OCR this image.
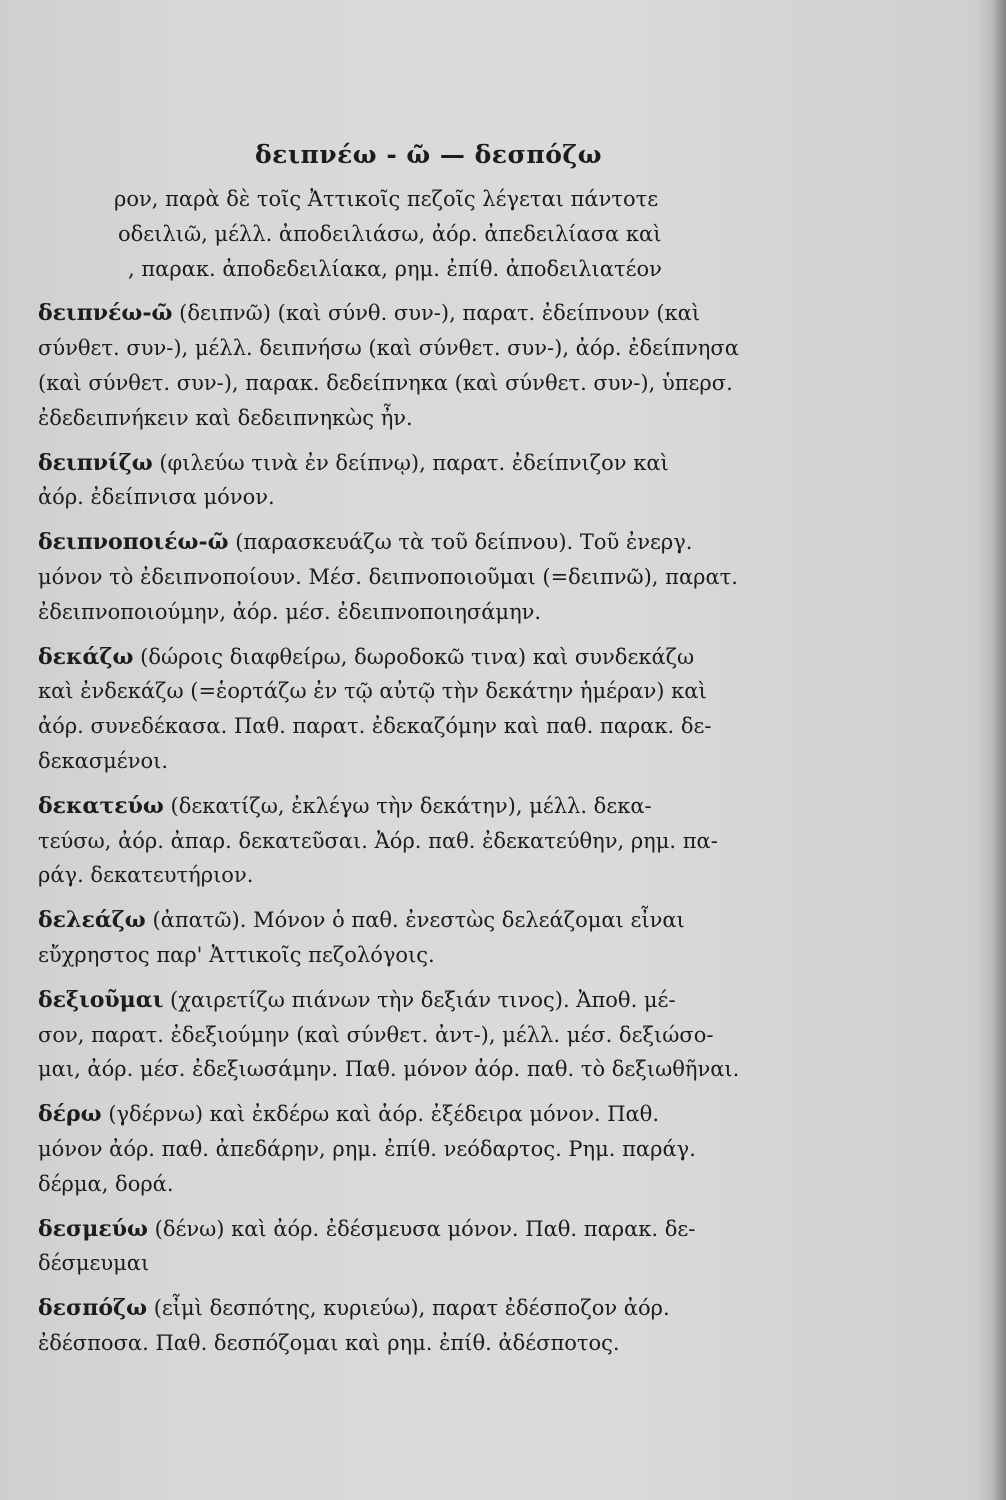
δειπνέω - ῶ — δεσπόζω
ρον, παρὰ δὲ τοῖς Ἀττικοῖς πεζοῖς λέγεται πάντοτε
οδειλιῶ, μέλλ. ἀποδειλιάσω, ἀόρ. ἀπεδειλίασα καὶ
, παρακ. ἀποδεδειλίακα, ρημ. ἐπίθ. ἀποδειλιατέον
δειπνέω-ῶ (δειπνῶ) (καὶ σύνθ. συν-), παρατ. ἐδείπνουν (καὶ
σύνθετ. συν-), μέλλ. δειπνήσω (καὶ σύνθετ. συν-), ἀόρ. ἐδείπνησα
(καὶ σύνθετ. συν-), παρακ. δεδείπνηκα (καὶ σύνθετ. συν-), ὑπερσ.
ἐδεδειπνήκειν καὶ δεδειπνηκὼς ἦν.
δειπνίζω (φιλεύω τινὰ ἐν δείπνῳ), παρατ. ἐδείπνιζον καὶ
ἀόρ. ἐδείπνισα μόνον.
δειπνοποιέω-ῶ (παρασκευάζω τὰ τοῦ δείπνου). Τοῦ ἐνεργ.
μόνον τὸ ἐδειπνοποίουν. Μέσ. δειπνοποιοῦμαι (=δειπνῶ), παρατ.
ἐδειπνοποιούμην, ἀόρ. μέσ. ἐδειπνοποιησάμην.
δεκάζω (δώροις διαφθείρω, δωροδοκῶ τινα) καὶ συνδεκάζω
καὶ ἐνδεκάζω (=ἑορτάζω ἐν τῷ αὐτῷ τὴν δεκάτην ἡμέραν) καὶ
ἀόρ. συνεδέκασα. Παθ. παρατ. ἐδεκαζόμην καὶ παθ. παρακ. δε-
δεκασμένοι.
δεκατεύω (δεκατίζω, ἐκλέγω τὴν δεκάτην), μέλλ. δεκα-
τεύσω, ἀόρ. ἀπαρ. δεκατεῦσαι. Ἀόρ. παθ. ἐδεκατεύθην, ρημ. πα-
ράγ. δεκατευτήριον.
δελεάζω (ἀπατῶ). Μόνον ὁ παθ. ἐνεστὼς δελεάζομαι εἶναι
εὔχρηστος παρ' Ἀττικοῖς πεζολόγοις.
δεξιοῦμαι (χαιρετίζω πιάνων τὴν δεξιάν τινος). Ἀποθ. μέ-
σον, παρατ. ἐδεξιούμην (καὶ σύνθετ. ἀντ-), μέλλ. μέσ. δεξιώσο-
μαι, ἀόρ. μέσ. ἐδεξιωσάμην. Παθ. μόνον ἀόρ. παθ. τὸ δεξιωθῆναι.
δέρω (γδέρνω) καὶ ἐκδέρω καὶ ἀόρ. ἐξέδειρα μόνον. Παθ.
μόνον ἀόρ. παθ. ἀπεδάρην, ρημ. ἐπίθ. νεόδαρτος. Ρημ. παράγ.
δέρμα, δορά.
δεσμεύω (δένω) καὶ ἀόρ. ἐδέσμευσα μόνον. Παθ. παρακ. δε-
δέσμευμαι
δεσπόζω (εἶμὶ δεσπότης, κυριεύω), παρατ ἐδέσποζον ἀόρ.
ἐδέσποσα. Παθ. δεσπόζομαι καὶ ρημ. ἐπίθ. ἀδέσποτος.
